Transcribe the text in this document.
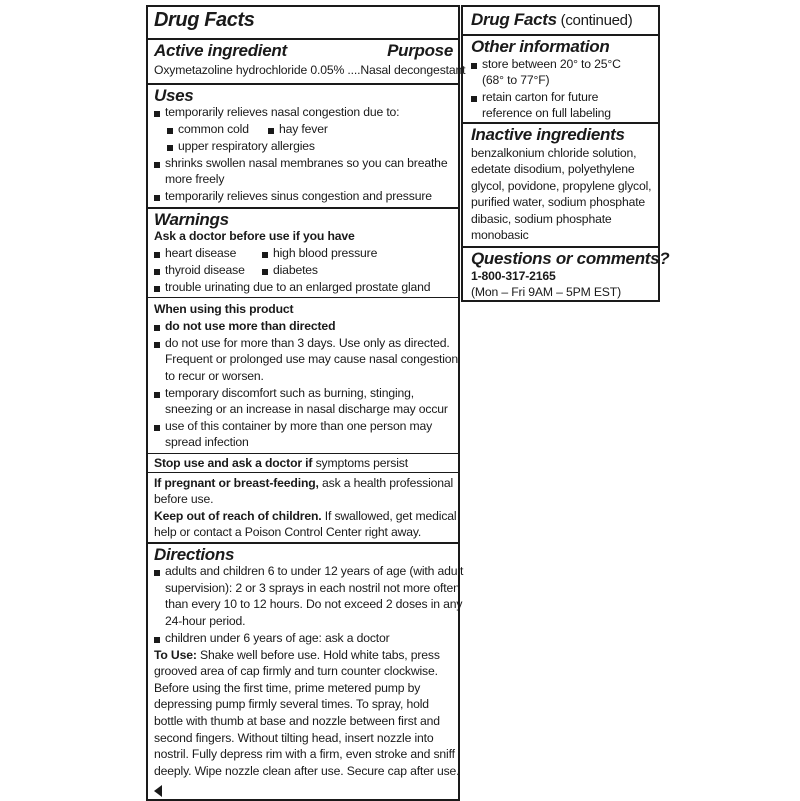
Drug Facts
Active ingredient	Purpose
Oxymetazoline hydrochloride 0.05% ....Nasal decongestant
Uses
temporarily relieves nasal congestion due to:
common cold hay fever
upper respiratory allergies
shrinks swollen nasal membranes so you can breathe
more freely
temporarily relieves sinus congestion and pressure
Warnings
Ask a doctor before use if you have
heart disease	high blood pressure
thyroid disease diabetes
trouble urinating due to an enlarged prostate gland
When using this product
do not use more than directed
do not use for more than 3 days. Use only as directed.
Frequent or prolonged use may cause nasal congestion
to recur or worsen.
temporary discomfort such as burning, stinging,
sneezing or an increase in nasal discharge may occur
use of this container by more than one person may
spread infection
Stop use and ask a doctor if symptoms persist
If pregnant or breast-feeding, ask a health professional
before use.
Keep out of reach of children. If swallowed, get medical
help or contact a Poison Control Center right away.
Directions
adults and children 6 to under 12 years of age (with adult
supervision): 2 or 3 sprays in each nostril not more often
than every 10 to 12 hours. Do not exceed 2 doses in any
24-hour period.
children under 6 years of age: ask a doctor
To Use: Shake well before use. Hold white tabs, press
grooved area of cap firmly and turn counter clockwise.
Before using the first time, prime metered pump by
depressing pump firmly several times. To spray, hold
bottle with thumb at base and nozzle between first and
second fingers. Without tilting head, insert nozzle into
nostril. Fully depress rim with a firm, even stroke and sniff
deeply. Wipe nozzle clean after use. Secure cap after use.
Drug Facts (continued)
Other information
store between 20° to 25°C
(68° to 77°F)
retain carton for future
reference on full labeling
Inactive ingredients
benzalkonium chloride solution,
edetate disodium, polyethylene
glycol, povidone, propylene glycol,
purified water, sodium phosphate
dibasic, sodium phosphate
monobasic
Questions or comments?
1-800-317-2165
(Mon – Fri 9AM – 5PM EST)
